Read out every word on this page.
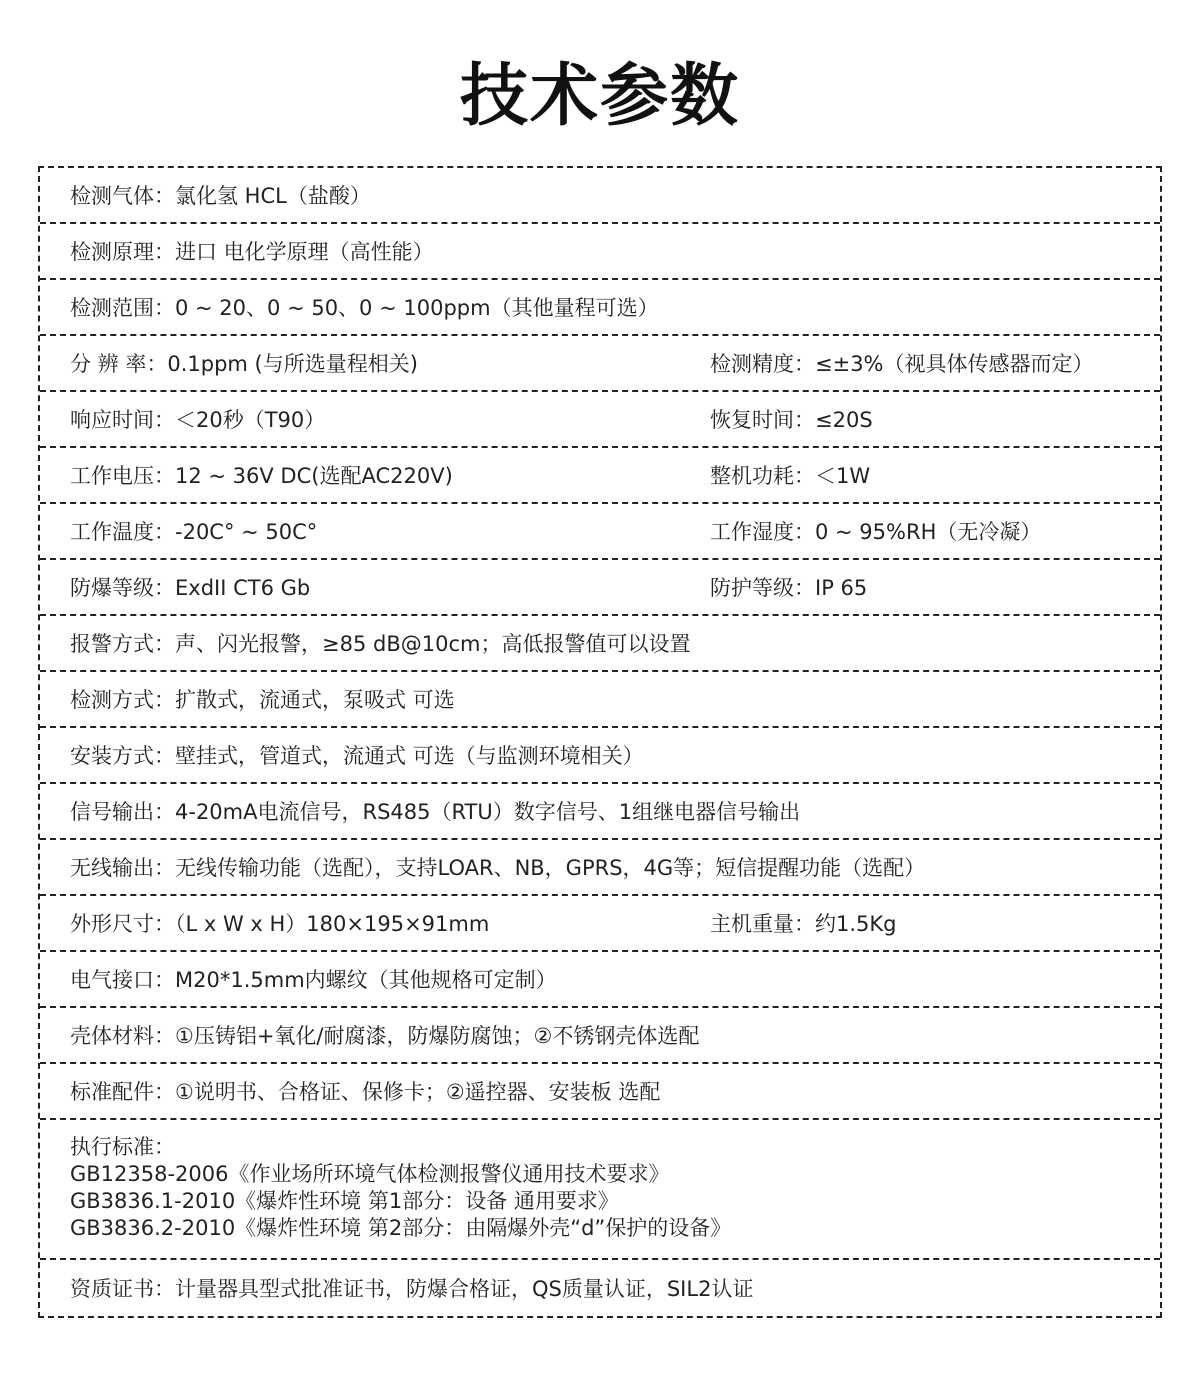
技术参数
检测气体：氯化氢 HCL（盐酸）
检测原理：进口 电化学原理（高性能）
检测范围：0 ~ 20、0 ~ 50、0 ~ 100ppm（其他量程可选）
分 辨 率：0.1ppm (与所选量程相关)	检测精度：≤±3%（视具体传感器而定）
响应时间：＜20秒（T90）	恢复时间：≤20S
工作电压：12 ~ 36V DC(选配AC220V)	整机功耗：＜1W
工作温度：-20C° ~ 50C°	工作湿度：0 ~ 95%RH（无冷凝）
防爆等级：ExdII CT6 Gb	防护等级：IP 65
报警方式：声、闪光报警，≥85 dB@10cm；高低报警值可以设置
检测方式：扩散式，流通式，泵吸式 可选
安装方式：壁挂式，管道式，流通式 可选（与监测环境相关）
信号输出：4-20mA电流信号，RS485（RTU）数字信号、1组继电器信号输出
无线输出：无线传输功能（选配），支持LOAR、NB，GPRS，4G等；短信提醒功能（选配）
外形尺寸：（L x W x H）180×195×91mm	主机重量：约1.5Kg
电气接口：M20*1.5mm内螺纹（其他规格可定制）
壳体材料：①压铸铝+氧化/耐腐漆，防爆防腐蚀；②不锈钢壳体选配
标准配件：①说明书、合格证、保修卡；②遥控器、安装板 选配
执行标准：
GB12358-2006《作业场所环境气体检测报警仪通用技术要求》
GB3836.1-2010《爆炸性环境 第1部分：设备 通用要求》
GB3836.2-2010《爆炸性环境 第2部分：由隔爆外壳“d”保护的设备》
资质证书：计量器具型式批准证书，防爆合格证，QS质量认证，SIL2认证
